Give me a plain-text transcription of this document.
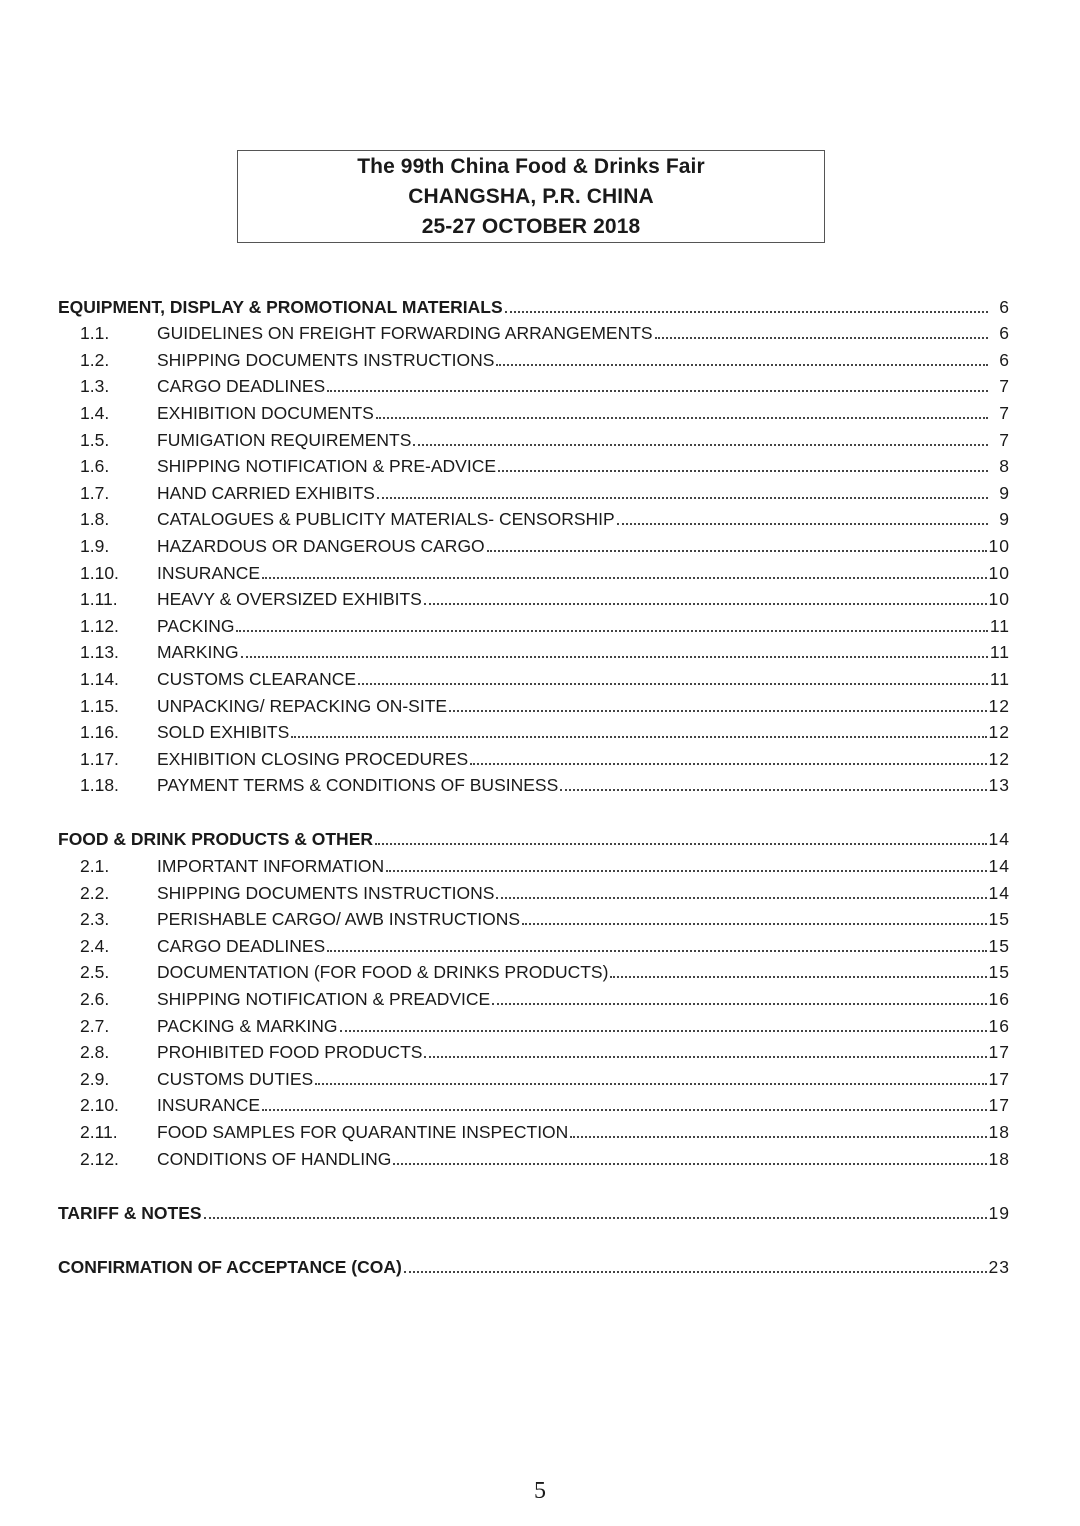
The 99th China Food & Drinks Fair
CHANGSHA, P.R. CHINA
25-27 OCTOBER 2018
EQUIPMENT, DISPLAY & PROMOTIONAL MATERIALS	6
1.1.	GUIDELINES ON FREIGHT FORWARDING ARRANGEMENTS	6
1.2.	SHIPPING DOCUMENTS INSTRUCTIONS	6
1.3.	CARGO DEADLINES	7
1.4.	EXHIBITION DOCUMENTS	7
1.5.	FUMIGATION REQUIREMENTS	7
1.6.	SHIPPING NOTIFICATION & PRE-ADVICE	8
1.7.	HAND CARRIED EXHIBITS	9
1.8.	CATALOGUES & PUBLICITY MATERIALS- CENSORSHIP	9
1.9.	HAZARDOUS OR DANGEROUS CARGO	10
1.10.	INSURANCE	10
1.11.	HEAVY & OVERSIZED EXHIBITS	10
1.12.	PACKING	11
1.13.	MARKING	11
1.14.	CUSTOMS CLEARANCE	11
1.15.	UNPACKING/ REPACKING ON-SITE	12
1.16.	SOLD EXHIBITS	12
1.17.	EXHIBITION CLOSING PROCEDURES	12
1.18.	PAYMENT TERMS & CONDITIONS OF BUSINESS	13
FOOD & DRINK PRODUCTS & OTHER	14
2.1.	IMPORTANT INFORMATION	14
2.2.	SHIPPING DOCUMENTS INSTRUCTIONS	14
2.3.	PERISHABLE CARGO/ AWB INSTRUCTIONS	15
2.4.	CARGO DEADLINES	15
2.5.	DOCUMENTATION (FOR FOOD & DRINKS PRODUCTS)	15
2.6.	SHIPPING NOTIFICATION & PREADVICE	16
2.7.	PACKING & MARKING	16
2.8.	PROHIBITED FOOD PRODUCTS	17
2.9.	CUSTOMS DUTIES	17
2.10.	INSURANCE	17
2.11.	FOOD SAMPLES FOR QUARANTINE INSPECTION	18
2.12.	CONDITIONS OF HANDLING	18
TARIFF & NOTES	19
CONFIRMATION OF ACCEPTANCE (COA)	23
5
